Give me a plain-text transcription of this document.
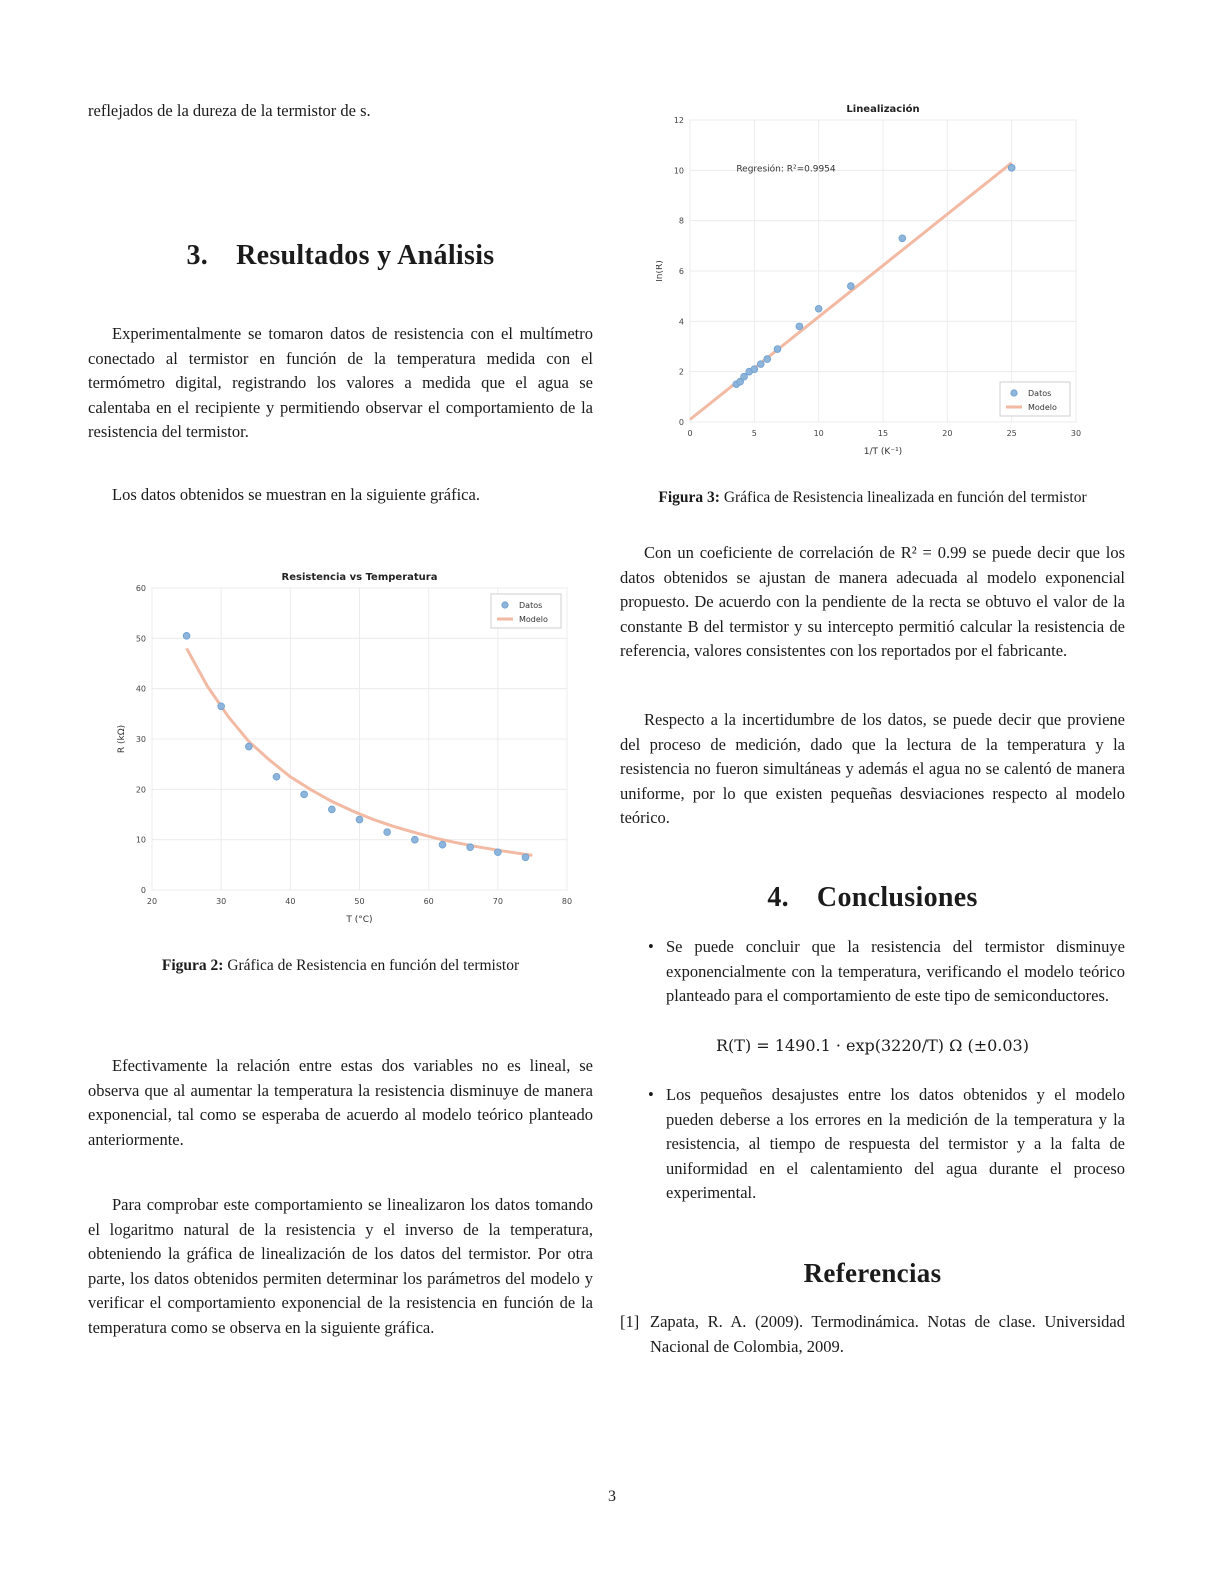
reflejados de la dureza de la termistor de s.

3. Resultados y Análisis

Experimentalmente se tomaron datos de resistencia con el multímetro conectado al termistor en función de la temperatura medida con el termómetro digital, registrando los valores a medida que el agua se calentaba en el recipiente y permitiendo observar el comportamiento de la resistencia del termistor.

Los datos obtenidos se muestran en la siguiente gráfica.

Resistencia vs Temperatura
20	30	40	50	60	70	80
0
10
20
30
40
50
60
T (°C)
R (kΩ)
Datos
Modelo

Figura 2: Gráfica de Resistencia en función del termistor

Efectivamente la relación entre estas dos variables no es lineal, se observa que al aumentar la temperatura la resistencia disminuye de manera exponencial, tal como se esperaba de acuerdo al modelo teórico planteado anteriormente.

Para comprobar este comportamiento se linealizaron los datos tomando el logaritmo natural de la resistencia y el inverso de la temperatura, obteniendo la gráfica de linealización de los datos del termistor. Por otra parte, los datos obtenidos permiten determinar los parámetros del modelo y verificar el comportamiento exponencial de la resistencia en función de la temperatura como se observa en la siguiente gráfica.

Linealización
0	5	10	15	20	25	30
0
2
4
6
8
10
12
1/T (K⁻¹)
ln(R)
Regresión: R²=0.9954
Datos
Modelo

Figura 3: Gráfica de Resistencia linealizada en función del termistor

Con un coeficiente de correlación de R² = 0.99 se puede decir que los datos obtenidos se ajustan de manera adecuada al modelo exponencial propuesto. De acuerdo con la pendiente de la recta se obtuvo el valor de la constante B del termistor y su intercepto permitió calcular la resistencia de referencia, valores consistentes con los reportados por el fabricante.

Respecto a la incertidumbre de los datos, se puede decir que proviene del proceso de medición, dado que la lectura de la temperatura y la resistencia no fueron simultáneas y además el agua no se calentó de manera uniforme, por lo que existen pequeñas desviaciones respecto al modelo teórico.

4. Conclusiones
• Se puede concluir que la resistencia del termistor disminuye exponencialmente con la temperatura, verificando el modelo teórico planteado para el comportamiento de este tipo de semiconductores.

R(T) = 1490.1 · exp(3220/T) Ω (±0.03)

• Los pequeños desajustes entre los datos obtenidos y el modelo pueden deberse a los errores en la medición de la temperatura y la resistencia, al tiempo de respuesta del termistor y a la falta de uniformidad en el calentamiento del agua durante el proceso experimental.
Referencias
[1] Zapata, R. A. (2009). Termodinámica. Notas de clase. Universidad Nacional de Colombia, 2009.
3
